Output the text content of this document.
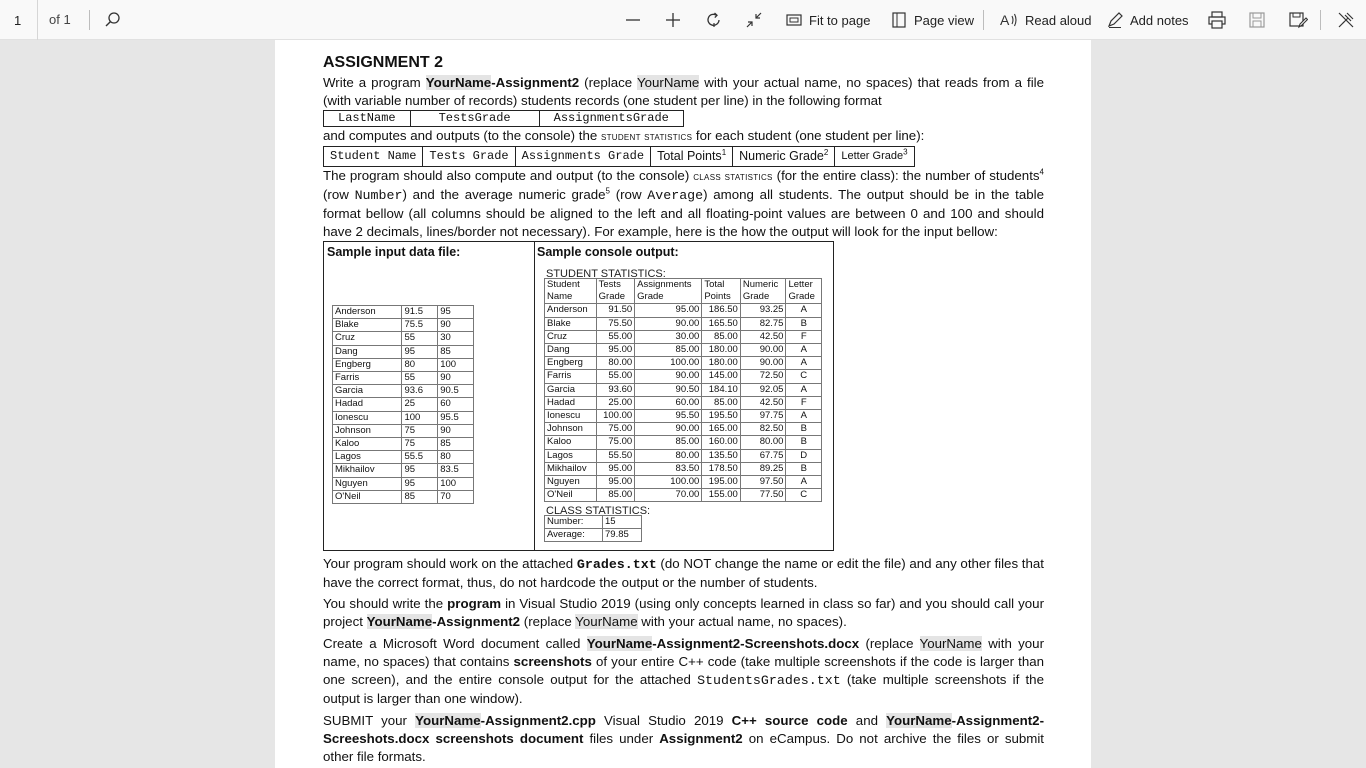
1 of 1	Fit to page	Page view A Read aloud	Add notes
ASSIGNMENT 2

Write a program YourName-Assignment2 (replace YourName with your actual name, no spaces) that reads from a file (with variable number of records) students records (one student per line) in the following format

LastName	TestsGrade	AssignmentsGrade

and computes and outputs (to the console) the student statistics for each student (one student per line):

Student Name	Tests Grade	Assignments Grade	Total Points$^1$	Numeric Grade$^2$	Letter Grade$^3$

The program should also compute and output (to the console) class statistics (for the entire class): the number of students$^4$ (row Number) and the average numeric grade$^5$ (row Average) among all students. The output should be in the table format bellow (all columns should be aligned to the left and all floating-point values are between 0 and 100 and should have 2 decimals, lines/border not necessary). For example, here is the how the output will look for the input bellow:

Sample input data file:	Sample console output:
Anderson	91.5	95
Blake	75.5	90
Cruz	55	30
Dang	95	85
Engberg	80	100
Farris	55	90
Garcia	93.6	90.5
Hadad	25	60
Ionescu	100	95.5
Johnson	75	90
Kaloo	75	85
Lagos	55.5	80
Mikhailov	95	83.5
Nguyen	95	100
O'Neil	85	70
STUDENT STATISTICS:
Student	Tests	Assignments	Total	Numeric	Letter
Name	Grade	Grade	Points	Grade	Grade
Anderson	91.50	95.00	186.50	93.25	A
Blake	75.50	90.00	165.50	82.75	B
Cruz	55.00	30.00	85.00	42.50	F
Dang	95.00	85.00	180.00	90.00	A
Engberg	80.00	100.00	180.00	90.00	A
Farris	55.00	90.00	145.00	72.50	C
Garcia	93.60	90.50	184.10	92.05	A
Hadad	25.00	60.00	85.00	42.50	F
Ionescu	100.00	95.50	195.50	97.75	A
Johnson	75.00	90.00	165.00	82.50	B
Kaloo	75.00	85.00	160.00	80.00	B
Lagos	55.50	80.00	135.50	67.75	D
Mikhailov	95.00	83.50	178.50	89.25	B
Nguyen	95.00	100.00	195.00	97.50	A
O'Neil	85.00	70.00	155.00	77.50	C
CLASS STATISTICS:
Number:	15
Average:	79.85

Your program should work on the attached Grades.txt (do NOT change the name or edit the file) and any other files that have the correct format, thus, do not hardcode the output or the number of students.

You should write the program in Visual Studio 2019 (using only concepts learned in class so far) and you should call your project YourName-Assignment2 (replace YourName with your actual name, no spaces).

Create a Microsoft Word document called YourName-Assignment2-Screenshots.docx (replace YourName with your name, no spaces) that contains screenshots of your entire C++ code (take multiple screenshots if the code is larger than one screen), and the entire console output for the attached StudentsGrades.txt (take multiple screenshots if the output is larger than one window).

SUBMIT your YourName-Assignment2.cpp Visual Studio 2019 C++ source code and YourName-Assignment2-Screeshots.docx screenshots document files under Assignment2 on eCampus. Do not archive the files or submit other file formats.
